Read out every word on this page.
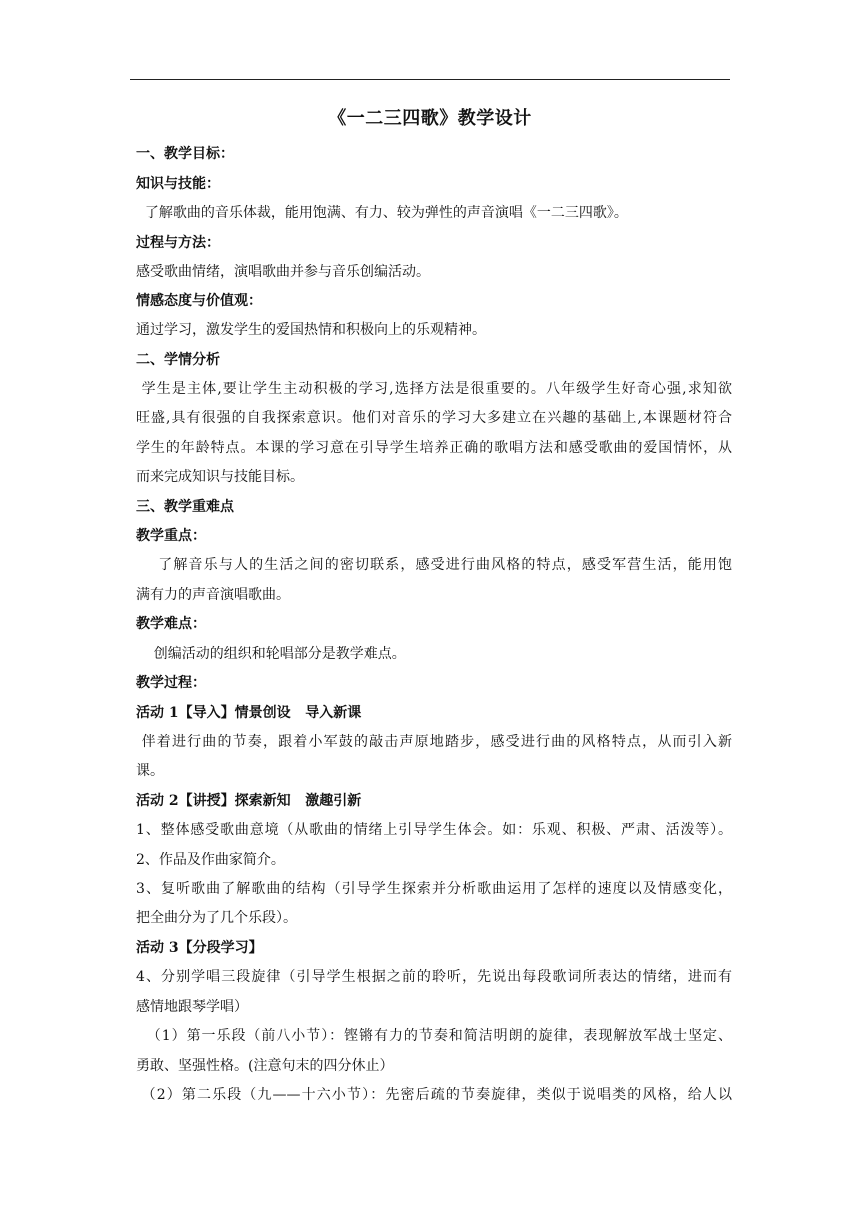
《一二三四歌》教学设计
一、教学目标：
知识与技能：
了解歌曲的音乐体裁，能用饱满、有力、较为弹性的声音演唱《一二三四歌》。
过程与方法：
感受歌曲情绪，演唱歌曲并参与音乐创编活动。
情感态度与价值观：
通过学习，激发学生的爱国热情和积极向上的乐观精神。
二、学情分析
学生是主体,要让学生主动积极的学习,选择方法是很重要的。八年级学生好奇心强,求知欲
旺盛,具有很强的自我探索意识。他们对音乐的学习大多建立在兴趣的基础上,本课题材符合
学生的年龄特点。本课的学习意在引导学生培养正确的歌唱方法和感受歌曲的爱国情怀，从
而来完成知识与技能目标。
三、教学重难点
教学重点：
了解音乐与人的生活之间的密切联系，感受进行曲风格的特点，感受军营生活，能用饱
满有力的声音演唱歌曲。
教学难点：
创编活动的组织和轮唱部分是教学难点。
教学过程：
活动 1【导入】情景创设   导入新课
伴着进行曲的节奏，跟着小军鼓的敲击声原地踏步，感受进行曲的风格特点，从而引入新
课。
活动 2【讲授】探索新知   激趣引新
1、整体感受歌曲意境（从歌曲的情绪上引导学生体会。如：乐观、积极、严肃、活泼等）。
2、作品及作曲家简介。
3、复听歌曲了解歌曲的结构（引导学生探索并分析歌曲运用了怎样的速度以及情感变化，
把全曲分为了几个乐段）。
活动 3【分段学习】
4、分别学唱三段旋律（引导学生根据之前的聆听，先说出每段歌词所表达的情绪，进而有
感情地跟琴学唱）
（1）第一乐段（前八小节）：铿锵有力的节奏和简洁明朗的旋律，表现解放军战士坚定、
勇敢、坚强性格。(注意句末的四分休止）
（2）第二乐段（九——十六小节）：先密后疏的节奏旋律，类似于说唱类的风格，给人以
